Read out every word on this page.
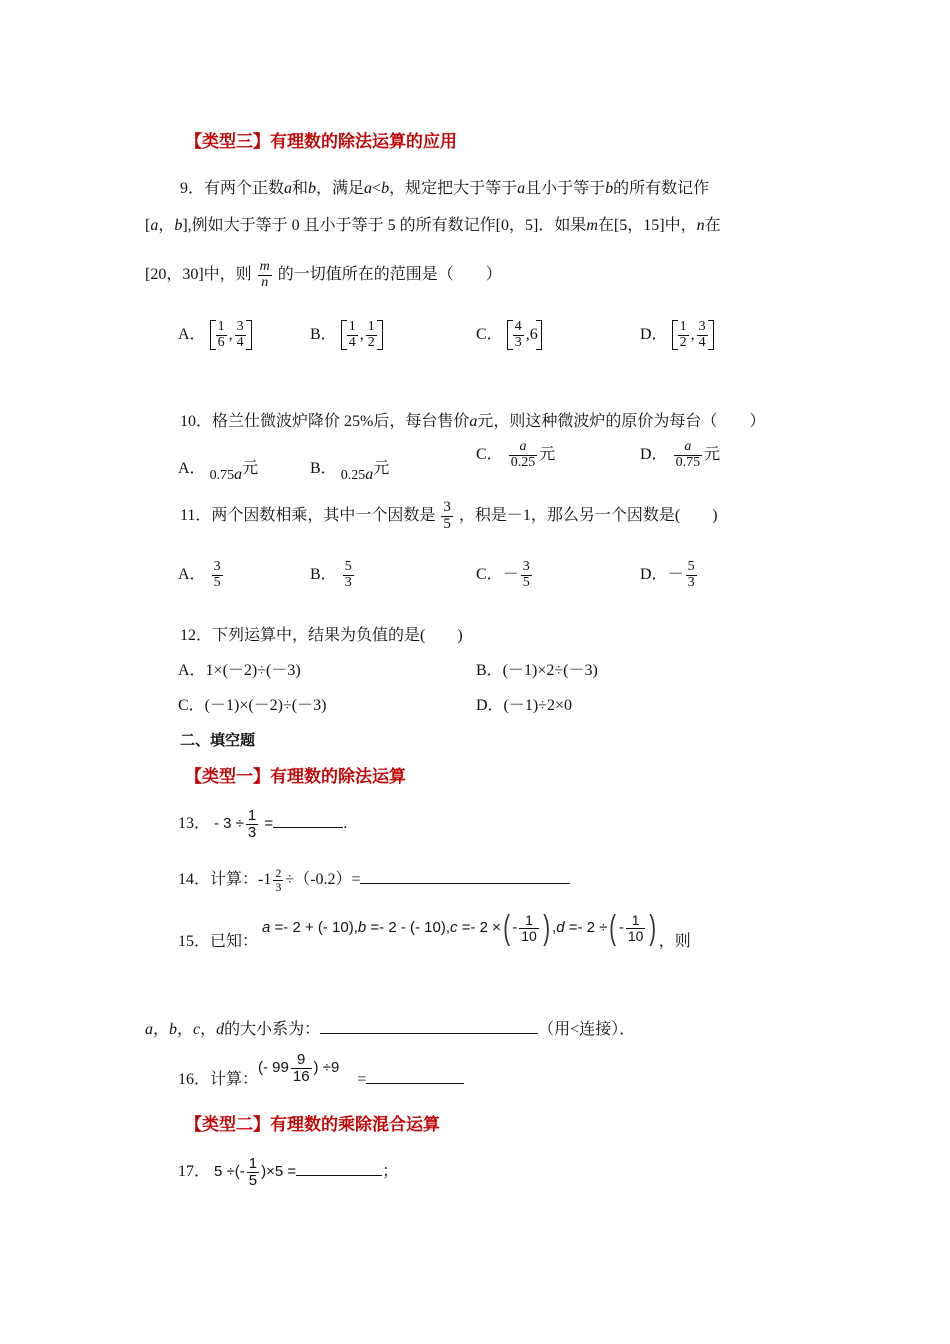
【类型三】有理数的除法运算的应用
9．有两个正数a和b，满足a<b，规定把大于等于a且小于等于b的所有数记作
[a，b],例如大于等于 0 且小于等于 5 的所有数记作[0，5]．如果m在[5，15]中，n在
[20，30]中，则 $\frac{m}{n}$ 的一切值所在的范围是（　　）
A． $\frac{1}{6}$ , $\frac{3}{4}$	B． $\frac{1}{4}$ , $\frac{1}{2}$	C． $\frac{4}{3} ,6$	D． $\frac{1}{2}$ , $\frac{3}{4}$
10．格兰仕微波炉降价 25%后，每台售价a元，则这种微波炉的原价为每台（　　）
A． 0.75a元	B． 0.25a元
C． $\frac{a}{0.25}$ 元	D． $\frac{a}{0.75}$ 元
11．两个因数相乘，其中一个因数是 $\frac{3}{5}$ ，积是－1，那么另一个因数是(　　)
A． $\frac{3}{5}$	B． $\frac{5}{3}$	C．－ $\frac{3}{5}$	D．－ $\frac{5}{3}$
12．下列运算中，结果为负值的是(　　)
A．1×(－2)÷(－3)	B．(－1)×2÷(－3)
C．(－1)×(－2)÷(－3)	D．(－1)÷2×0
二、填空题
【类型一】有理数的除法运算
13． - $3 \div \frac{1}{3}$ =	.
14．计算：$-1 \frac{2}{3} \div(-0.2)=$
15．已知： a =- 2 + (- 10),b =- 2 - (- 10),c =- 2 ×( - $\frac{1}{10}$ ) ,d =- 2 ÷( - $\frac{1}{10}$ ) ，则
a，b，c，d的大小系为：	（用<连接）．
16．计算：(- $99 \frac{9}{16}$ ) ÷9 =
【类型二】有理数的乘除混合运算
17． 5 ÷(- $\frac{1}{5} )\times 5$ =	；
